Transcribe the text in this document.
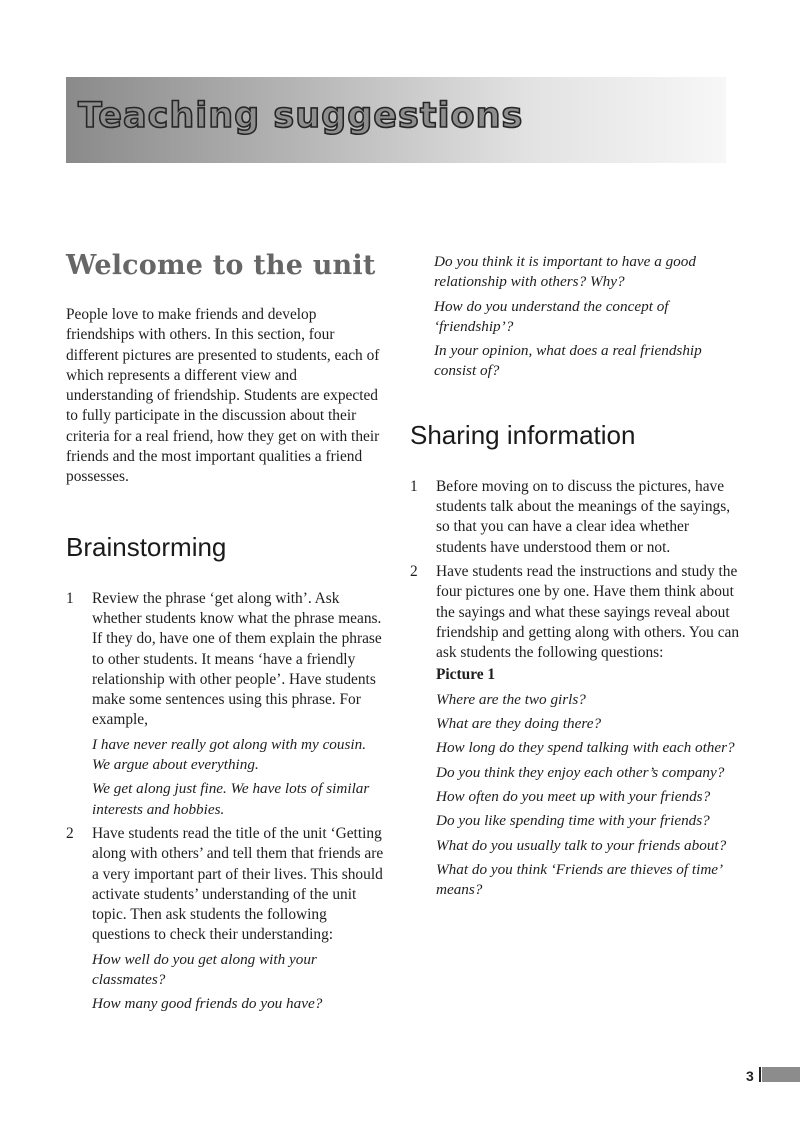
Teaching suggestions
Welcome to the unit

People love to make friends and develop friendships with others. In this section, four different pictures are presented to students, each of which represents a different view and understanding of friendship. Students are expected to fully participate in the discussion about their criteria for a real friend, how they get on with their friends and the most important qualities a friend possesses.

Brainstorming
1 Review the phrase ‘get along with’. Ask whether students know what the phrase means. If they do, have one of them explain the phrase to other students. It means ‘have a friendly relationship with other people’. Have students make some sentences using this phrase. For example,

I have never really got along with my cousin. We argue about everything.

We get along just fine. We have lots of similar interests and hobbies.

2 Have students read the title of the unit ‘Getting along with others’ and tell them that friends are a very important part of their lives. This should activate students’ understanding of the unit topic. Then ask students the following questions to check their understanding:

How well do you get along with your classmates?

How many good friends do you have?

Do you think it is important to have a good relationship with others? Why?

How do you understand the concept of ‘friendship’?

In your opinion, what does a real friendship consist of?

Sharing information
1 Before moving on to discuss the pictures, have students talk about the meanings of the sayings, so that you can have a clear idea whether students have understood them or not.
2 Have students read the instructions and study the four pictures one by one. Have them think about the sayings and what these sayings reveal about friendship and getting along with others. You can ask students the following questions:
Picture 1

Where are the two girls?

What are they doing there?

How long do they spend talking with each other?

Do you think they enjoy each other’s company?

How often do you meet up with your friends?

Do you like spending time with your friends?

What do you usually talk to your friends about?

What do you think ‘Friends are thieves of time’ means?

3
